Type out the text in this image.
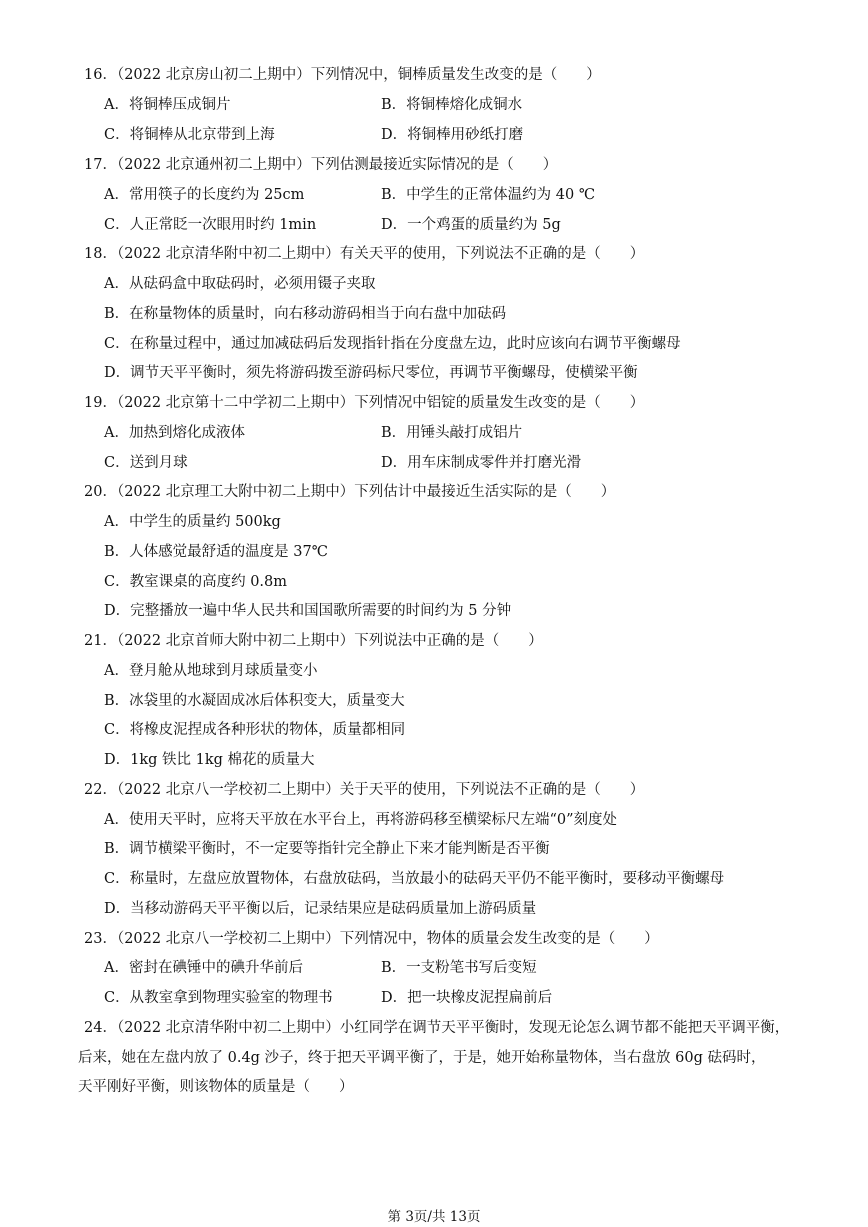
16．（2022 北京房山初二上期中）下列情况中，铜棒质量发生改变的是（　　）
A．将铜棒压成铜片	B．将铜棒熔化成铜水
C．将铜棒从北京带到上海	D．将铜棒用砂纸打磨
17．（2022 北京通州初二上期中）下列估测最接近实际情况的是（　　）
A．常用筷子的长度约为 25cm	B．中学生的正常体温约为 40 ℃
C．人正常眨一次眼用时约 1min	D．一个鸡蛋的质量约为 5g
18．（2022 北京清华附中初二上期中）有关天平的使用，下列说法不正确的是（　　）
A．从砝码盒中取砝码时，必须用镊子夹取
B．在称量物体的质量时，向右移动游码相当于向右盘中加砝码
C．在称量过程中，通过加减砝码后发现指针指在分度盘左边，此时应该向右调节平衡螺母
D．调节天平平衡时，须先将游码拨至游码标尺零位，再调节平衡螺母，使横梁平衡
19．（2022 北京第十二中学初二上期中）下列情况中铝锭的质量发生改变的是（　　）
A．加热到熔化成液体	B．用锤头敲打成铝片
C．送到月球	D．用车床制成零件并打磨光滑
20．（2022 北京理工大附中初二上期中）下列估计中最接近生活实际的是（　　）
A．中学生的质量约 500kg
B．人体感觉最舒适的温度是 37℃
C．教室课桌的高度约 0.8m
D．完整播放一遍中华人民共和国国歌所需要的时间约为 5 分钟
21．（2022 北京首师大附中初二上期中）下列说法中正确的是（　　）
A．登月舱从地球到月球质量变小
B．冰袋里的水凝固成冰后体积变大，质量变大
C．将橡皮泥捏成各种形状的物体，质量都相同
D．1kg 铁比 1kg 棉花的质量大
22．（2022 北京八一学校初二上期中）关于天平的使用，下列说法不正确的是（　　）
A．使用天平时，应将天平放在水平台上，再将游码移至横梁标尺左端“0”刻度处
B．调节横梁平衡时，不一定要等指针完全静止下来才能判断是否平衡
C．称量时，左盘应放置物体，右盘放砝码，当放最小的砝码天平仍不能平衡时，要移动平衡螺母
D．当移动游码天平平衡以后，记录结果应是砝码质量加上游码质量
23．（2022 北京八一学校初二上期中）下列情况中，物体的质量会发生改变的是（　　）
A．密封在碘锤中的碘升华前后	B．一支粉笔书写后变短
C．从教室拿到物理实验室的物理书	D．把一块橡皮泥捏扁前后
24．（2022 北京清华附中初二上期中）小红同学在调节天平平衡时，发现无论怎么调节都不能把天平调平衡，
后来，她在左盘内放了 0.4g 沙子，终于把天平调平衡了，于是，她开始称量物体，当右盘放 60g 砝码时，
天平刚好平衡，则该物体的质量是（　　）
第 3页/共 13页
